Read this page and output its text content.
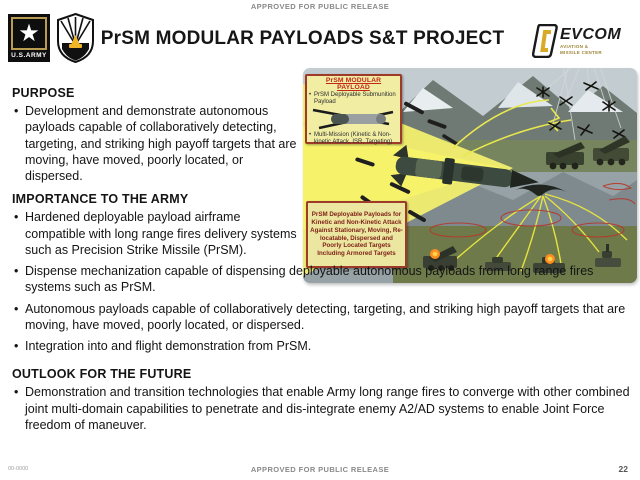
APPROVED FOR PUBLIC RELEASE
★
U.S.ARMY
PrSM MODULAR PAYLOADS S&T PROJECT	EVCOM
AVIATION &
MISSILE CENTER
PrSM MODULAR PAYLOAD
• PrSM Deployable Submunition Payload
• Multi-Mission (Kinetic & Non-kinetic Attack, ISR, Targeting)
PrSM Deployable Payloads for Kinetic and Non-Kinetic Attack Against Stationary, Moving, Re-locatable, Dispersed and Poorly Located Targets Including Armored Targets
PURPOSE
• Development and demonstrate autonomous payloads capable of collaboratively detecting, targeting, and striking high payoff targets that are moving, have moved, poorly located, or dispersed.
IMPORTANCE TO THE ARMY
• Hardened deployable payload airframe compatible with long range fires delivery systems such as Precision Strike Missile (PrSM).
• Dispense mechanization capable of dispensing deployable autonomous payloads from long range fires systems such as PrSM.
• Autonomous payloads capable of collaboratively detecting, targeting, and striking high payoff targets that are moving, have moved, poorly located, or dispersed.
• Integration into and flight demonstration from PrSM.
OUTLOOK FOR THE FUTURE
• Demonstration and transition technologies that enable Army long range fires to converge with other combined joint multi-domain capabilities to penetrate and dis-integrate enemy A2/AD systems to enable Joint Force freedom of maneuver.
00-0000	APPROVED FOR PUBLIC RELEASE	22
